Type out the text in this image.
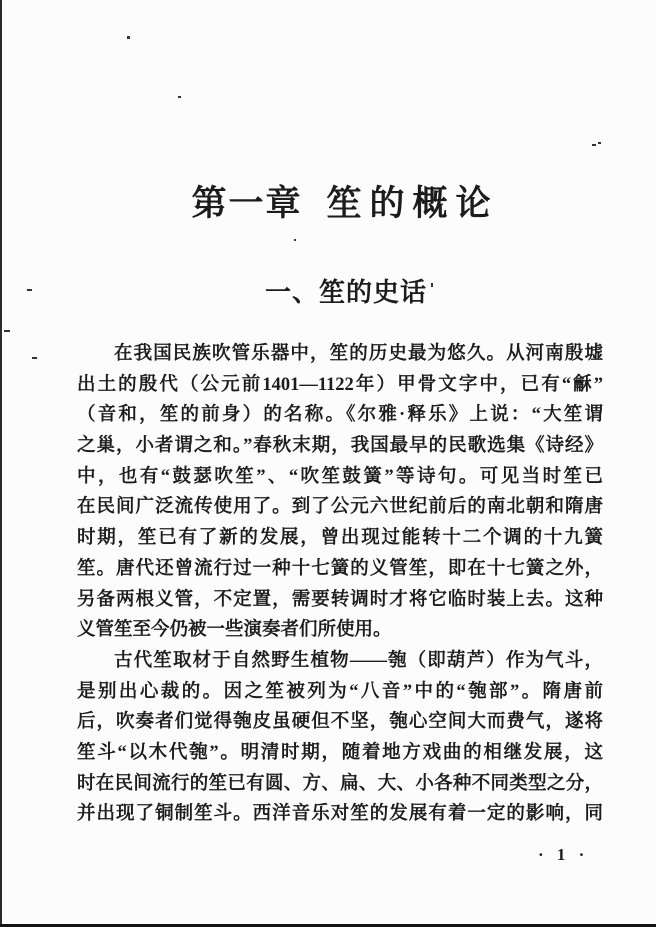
第一章 笙的概论
一、笙的史话
在我国民族吹管乐器中，笙的历史最为悠久。从河南殷墟
出土的殷代（公元前1401—1122年）甲骨文字中，已有“龢”
（音和，笙的前身）的名称。《尔雅·释乐》上说：“大笙谓
之巢，小者谓之和。”春秋末期，我国最早的民歌选集《诗经》
中，也有“鼓瑟吹笙”、“吹笙鼓簧”等诗句。可见当时笙已
在民间广泛流传使用了。到了公元六世纪前后的南北朝和隋唐
时期，笙已有了新的发展，曾出现过能转十二个调的十九簧
笙。唐代还曾流行过一种十七簧的义管笙，即在十七簧之外，
另备两根义管，不定置，需要转调时才将它临时装上去。这种
义管笙至今仍被一些演奏者们所使用。
古代笙取材于自然野生植物——匏（即葫芦）作为气斗，
是别出心裁的。因之笙被列为“八音”中的“匏部”。隋唐前
后，吹奏者们觉得匏皮虽硬但不坚，匏心空间大而费气，遂将
笙斗“以木代匏”。明清时期，随着地方戏曲的相继发展，这
时在民间流行的笙已有圆、方、扁、大、小各种不同类型之分，
并出现了铜制笙斗。西洋音乐对笙的发展有着一定的影响，同
· 1 ·
